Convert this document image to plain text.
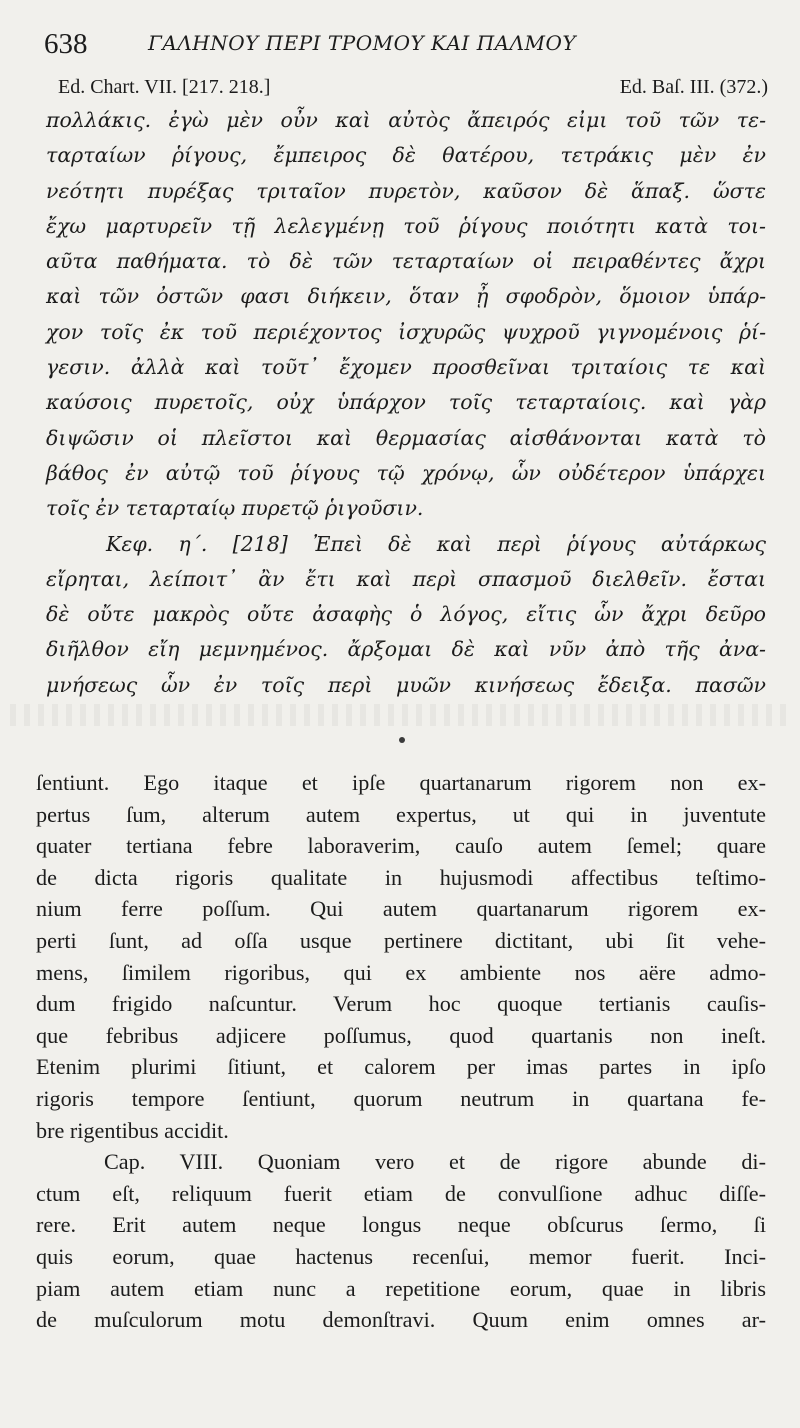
638	ΓΑΛΗΝΟΥ ΠΕΡΙ ΤΡΟΜΟΥ ΚΑΙ ΠΑΛΜΟΥ
Ed. Chart. VII. [217. 218.]	Ed. Baſ. III. (372.)
πολλάκις. ἐγὼ μὲν οὖν καὶ αὐτὸς ἄπειρός εἰμι τοῦ τῶν τε-
ταρταίων ῥίγους, ἔμπειρος δὲ θατέρου, τετράκις μὲν ἐν
νεότητι πυρέξας τριταῖον πυρετὸν, καῦσον δὲ ἅπαξ. ὥστε
ἔχω μαρτυρεῖν τῇ λελεγμένῃ τοῦ ῥίγους ποιότητι κατὰ τοι-
αῦτα παθήματα. τὸ δὲ τῶν τεταρταίων οἱ πειραθέντες ἄχρι
καὶ τῶν ὀστῶν φασι διήκειν, ὅταν ᾖ σφοδρὸν, ὅμοιον ὑπάρ-
χον τοῖς ἐκ τοῦ περιέχοντος ἰσχυρῶς ψυχροῦ γιγνομένοις ῥί-
γεσιν. ἀλλὰ καὶ τοῦτ᾽ ἔχομεν προσθεῖναι τριταίοις τε καὶ
καύσοις πυρετοῖς, οὐχ ὑπάρχον τοῖς τεταρταίοις. καὶ γὰρ
διψῶσιν οἱ πλεῖστοι καὶ θερμασίας αἰσθάνονται κατὰ τὸ
βάθος ἐν αὐτῷ τοῦ ῥίγους τῷ χρόνῳ, ὧν οὐδέτερον ὑπάρχει
τοῖς ἐν τεταρταίῳ πυρετῷ ῥιγοῦσιν.
Κεφ. η΄. [218] Ἐπεὶ δὲ καὶ περὶ ῥίγους αὐτάρκως
εἴρηται, λείποιτ᾽ ἂν ἔτι καὶ περὶ σπασμοῦ διελθεῖν. ἔσται
δὲ οὔτε μακρὸς οὔτε ἀσαφὴς ὁ λόγος, εἴτις ὧν ἄχρι δεῦρο
διῆλθον εἴη μεμνημένος. ἄρξομαι δὲ καὶ νῦν ἀπὸ τῆς ἀνα-
μνήσεως ὧν ἐν τοῖς περὶ μυῶν κινήσεως ἔδειξα. πασῶν
ſentiunt. Ego itaque et ipſe quartanarum rigorem non ex-
pertus ſum, alterum autem expertus, ut qui in juventute
quater tertiana febre laboraverim, cauſo autem ſemel; quare
de dicta rigoris qualitate in hujusmodi affectibus teſtimo-
nium ferre poſſum. Qui autem quartanarum rigorem ex-
perti ſunt, ad oſſa usque pertinere dictitant, ubi ſit vehe-
mens, ſimilem rigoribus, qui ex ambiente nos aëre admo-
dum frigido naſcuntur. Verum hoc quoque tertianis cauſis-
que febribus adjicere poſſumus, quod quartanis non ineſt.
Etenim plurimi ſitiunt, et calorem per imas partes in ipſo
rigoris tempore ſentiunt, quorum neutrum in quartana fe-
bre rigentibus accidit.
Cap. VIII. Quoniam vero et de rigore abunde di-
ctum eſt, reliquum fuerit etiam de convulſione adhuc diſſe-
rere. Erit autem neque longus neque obſcurus ſermo, ſi
quis eorum, quae hactenus recenſui, memor fuerit. Inci-
piam autem etiam nunc a repetitione eorum, quae in libris
de muſculorum motu demonſtravi. Quum enim omnes ar-
